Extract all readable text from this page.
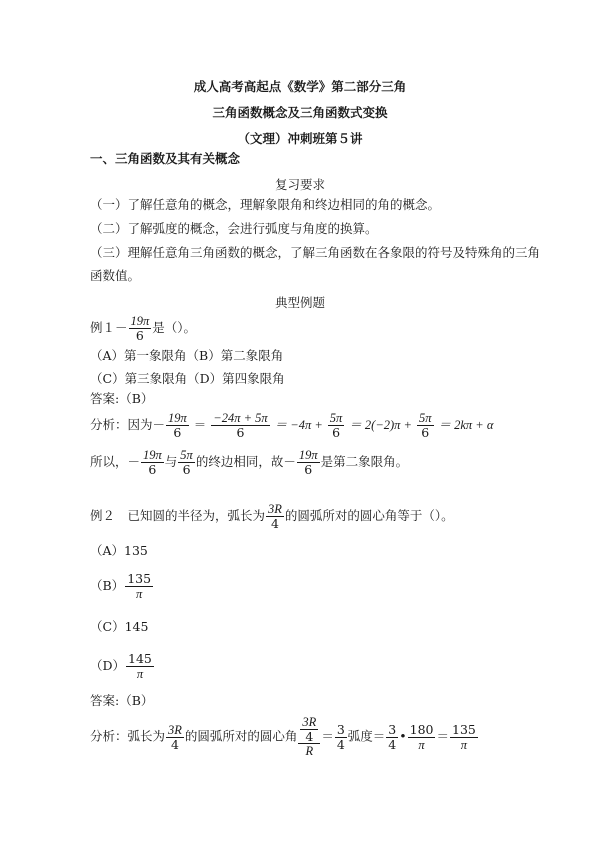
成人高考高起点《数学》第二部分三角
三角函数概念及三角函数式变换
（文理）冲刺班第５讲
一、三角函数及其有关概念
复习要求
（一）了解任意角的概念，理解象限角和终边相同的角的概念。
（二）了解弧度的概念，会进行弧度与角度的换算。
（三）理解任意角三角函数的概念，了解三角函数在各象限的符号及特殊角的三角
函数值。
典型例题
例$1- \frac{19\pi}{6}$ 是（）。
（A）第一象限角（B）第二象限角
（C）第三象限角（D）第四象限角
答案:（B）
分析：因为－ $\frac{19\pi}{6} = \frac{-24\pi + 5\pi}{6} = -4\pi + \frac{5\pi}{6} = 2(-2)\pi + \frac{5\pi}{6} = 2k\pi + \alpha$
所以，－ $\frac{19\pi}{6}$ 与 $\frac{5\pi}{6}$ 的终边相同，故－ $\frac{19\pi}{6}$ 是第二象限角。
例２　已知圆的半径为，弧长为 $\frac{3R}{4}$ 的圆弧所对的圆心角等于（）。
（A）135
$(B) \frac{135}{\pi}$
（C）145
$(D) \frac{145}{\pi}$
答案:（B）
分析：弧长为 $\frac{3R}{4}$ 的圆弧所对的圆心角 $\frac{\frac{3R}{4}}{R} = \frac{3}{4}$ 弧度＝ $\frac{3}{4}$ • $\frac{180}{\pi} = \frac{135}{\pi}$
